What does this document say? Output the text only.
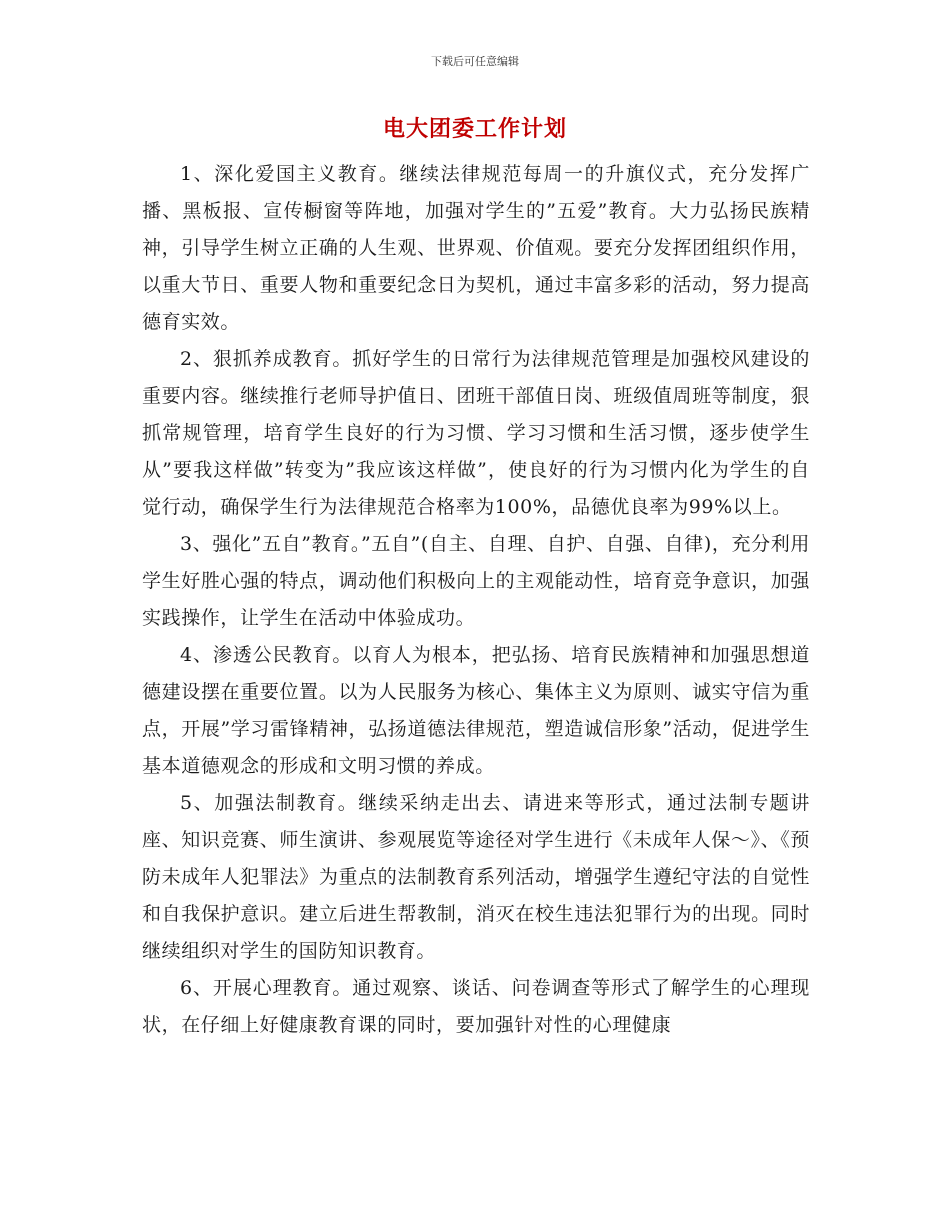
下载后可任意编辑
电大团委工作计划

1、深化爱国主义教育。继续法律规范每周一的升旗仪式，充分发挥广播、黑板报、宣传橱窗等阵地，加强对学生的”五爱”教育。大力弘扬民族精神，引导学生树立正确的人生观、世界观、价值观。要充分发挥团组织作用，以重大节日、重要人物和重要纪念日为契机，通过丰富多彩的活动，努力提高德育实效。

2、狠抓养成教育。抓好学生的日常行为法律规范管理是加强校风建设的重要内容。继续推行老师导护值日、团班干部值日岗、班级值周班等制度，狠抓常规管理，培育学生良好的行为习惯、学习习惯和生活习惯，逐步使学生从”要我这样做”转变为”我应该这样做”，使良好的行为习惯内化为学生的自觉行动，确保学生行为法律规范合格率为100%，品德优良率为99%以上。

3、强化”五自”教育。”五自”(自主、自理、自护、自强、自律)，充分利用学生好胜心强的特点，调动他们积极向上的主观能动性，培育竞争意识，加强实践操作，让学生在活动中体验成功。

4、渗透公民教育。以育人为根本，把弘扬、培育民族精神和加强思想道德建设摆在重要位置。以为人民服务为核心、集体主义为原则、诚实守信为重点，开展”学习雷锋精神，弘扬道德法律规范，塑造诚信形象”活动，促进学生基本道德观念的形成和文明习惯的养成。

5、加强法制教育。继续采纳走出去、请进来等形式，通过法制专题讲座、知识竞赛、师生演讲、参观展览等途径对学生进行《未成年人保～》、《预防未成年人犯罪法》为重点的法制教育系列活动，增强学生遵纪守法的自觉性和自我保护意识。建立后进生帮教制，消灭在校生违法犯罪行为的出现。同时继续组织对学生的国防知识教育。

6、开展心理教育。通过观察、谈话、问卷调查等形式了解学生的心理现状，在仔细上好健康教育课的同时，要加强针对性的心理健康
